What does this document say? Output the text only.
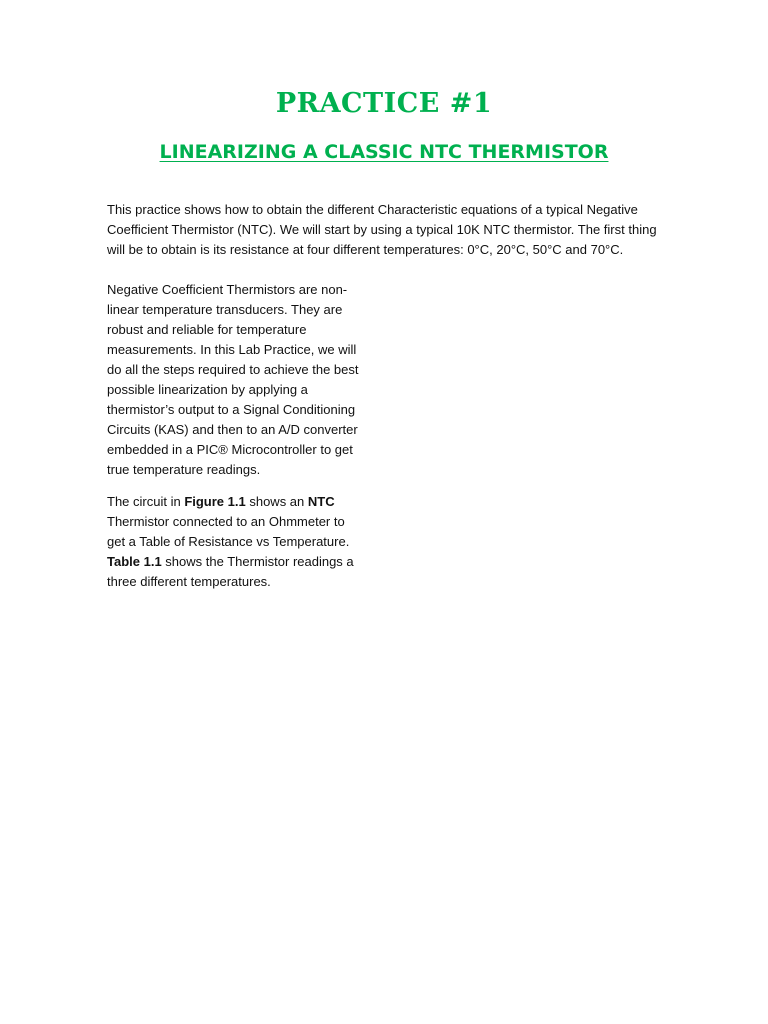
PRACTICE #1
LINEARIZING A CLASSIC NTC THERMISTOR

This practice shows how to obtain the different Characteristic equations of a typical Negative Coefficient Thermistor (NTC). We will start by using a typical 10K NTC thermistor. The first thing will be to obtain is its resistance at four different temperatures: 0°C, 20°C, 50°C and 70°C.

Negative Coefficient Thermistors are non-linear temperature transducers. They are robust and reliable for temperature measurements. In this Lab Practice, we will do all the steps required to achieve the best possible linearization by applying a thermistor’s output to a Signal Conditioning Circuits (KAS) and then to an A/D converter embedded in a PIC® Microcontroller to get true temperature readings.

The circuit in Figure 1.1 shows an NTC Thermistor connected to an Ohmmeter to get a Table of Resistance vs Temperature. Table 1.1 shows the Thermistor readings a three different temperatures.
